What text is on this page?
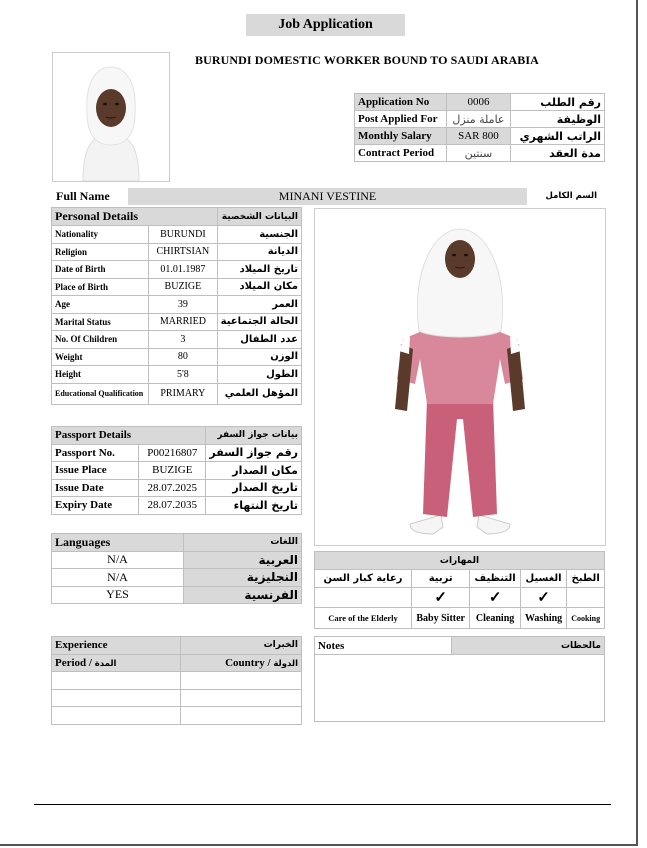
Job Application
BURUNDI DOMESTIC WORKER BOUND TO SAUDI ARABIA
Application No	0006	رقم الطلب
Post Applied For	عاملة منزل	الوظيفة
Monthly Salary	SAR 800	الراتب الشهري
Contract Period	سنتين	مدة العقد
Full Name	MINANI VESTINE	السم الكامل
Personal Details		البيانات الشخصية
Nationality	BURUNDI	الجنسية
Religion	CHIRTSIAN	الديانة
Date of Birth	01.01.1987	تاريخ الميلاد
Place of Birth	BUZIGE	مكان الميلاد
Age	39	العمر
Marital Status	MARRIED	الحالة الجتماعية
No. Of Children	3	عدد الطفال
Weight	80	الوزن
Height	5'8	الطول
Educational Qualification	PRIMARY	المؤهل العلمي
Passport Details		بيانات جواز السفر
Passport No.	P00216807	رقم جواز السفر
Issue Place	BUZIGE	مكان الصدار
Issue Date	28.07.2025	تاريخ الصدار
Expiry Date	28.07.2035	تاريخ النتهاء
Languages	اللغات
N/A	العربية
N/A	النجليزية
YES	الفرنسية
المهارات				
رعاية كبار السن	تربية	التنظيف	الغسيل	الطبخ
	✓	✓	✓	
Care of the Elderly	Baby Sitter	Cleaning	Washing	Cooking
Experience	الخبرات
Period / المدة	Country / الدولة

Notes	مالحظات
